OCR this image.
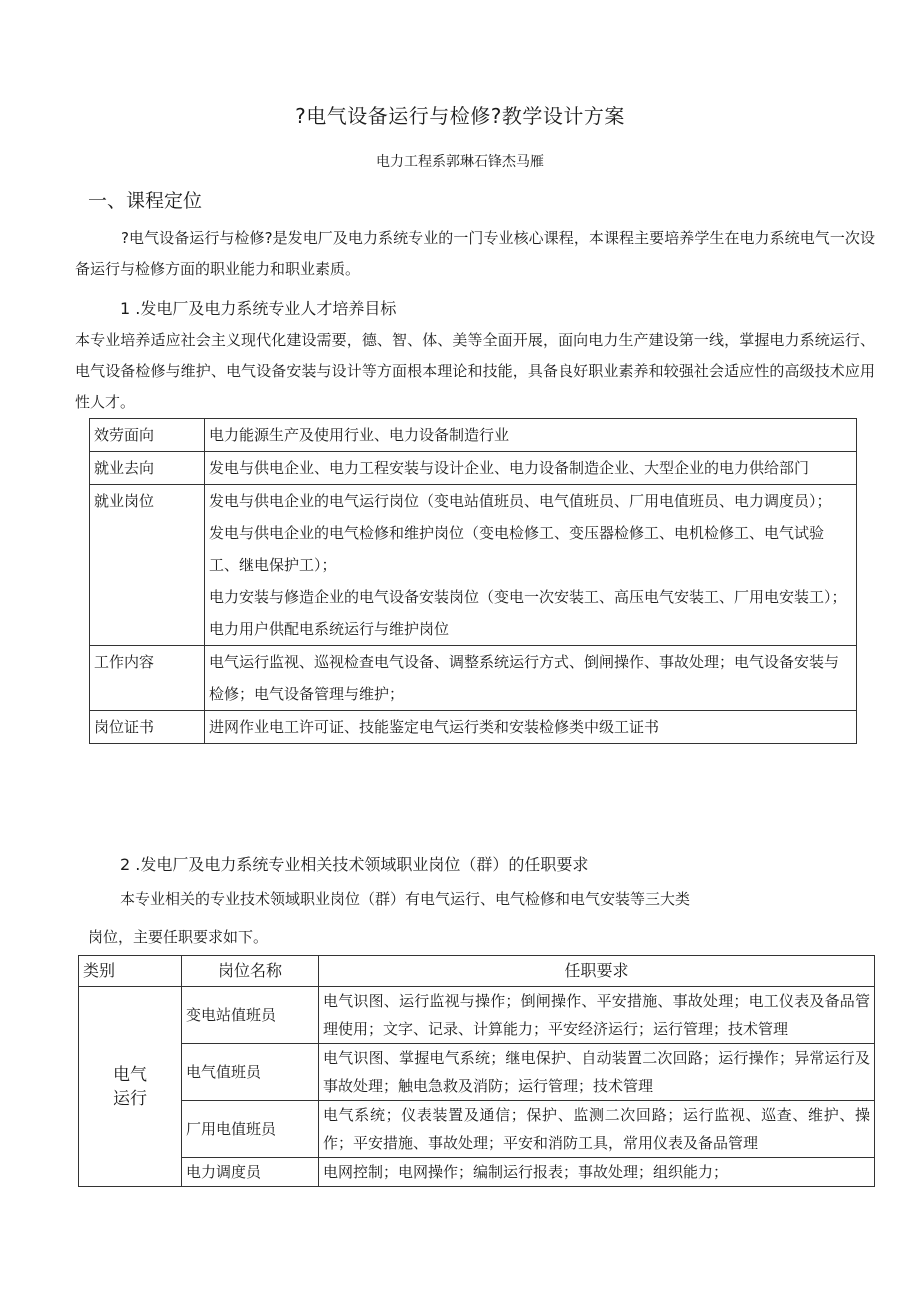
?电气设备运行与检修?教学设计方案
电力工程系郭琳石锋杰马雁
一、课程定位
?电气设备运行与检修?是发电厂及电力系统专业的一门专业核心课程，本课程主要培养学生在电力系统电气一次设备运行与检修方面的职业能力和职业素质。
1 .发电厂及电力系统专业人才培养目标
本专业培养适应社会主义现代化建设需要，德、智、体、美等全面开展，面向电力生产建设第一线，掌握电力系统运行、电气设备检修与维护、电气设备安装与设计等方面根本理论和技能，具备良好职业素养和较强社会适应性的高级技术应用性人才。
效劳面向	电力能源生产及使用行业、电力设备制造行业

就业去向	发电与供电企业、电力工程安装与设计企业、电力设备制造企业、大型企业的电力供给部门

就业岗位	发电与供电企业的电气运行岗位（变电站值班员、电气值班员、厂用电值班员、电力调度员）；

发电与供电企业的电气检修和维护岗位（变电检修工、变压器检修工、电机检修工、电气试验工、继电保护工）；

电力安装与修造企业的电气设备安装岗位（变电一次安装工、高压电气安装工、厂用电安装工）；

电力用户供配电系统运行与维护岗位

工作内容	电气运行监视、巡视检查电气设备、调整系统运行方式、倒闸操作、事故处理；电气设备安装与检修；电气设备管理与维护；

岗位证书	进网作业电工许可证、技能鉴定电气运行类和安装检修类中级工证书

2 .发电厂及电力系统专业相关技术领域职业岗位（群）的任职要求
本专业相关的专业技术领域职业岗位（群）有电气运行、电气检修和电气安装等三大类
岗位，主要任职要求如下。
类别	岗位名称	任职要求
电气运行	变电站值班员	电气识图、运行监视与操作；倒闸操作、平安措施、事故处理；电工仪表及备品管理使用；文字、记录、计算能力；平安经济运行；运行管理；技术管理
	电气值班员	电气识图、掌握电气系统；继电保护、自动装置二次回路；运行操作；异常运行及事故处理；触电急救及消防；运行管理；技术管理
	厂用电值班员	电气系统；仪表装置及通信；保护、监测二次回路；运行监视、巡查、维护、操作；平安措施、事故处理；平安和消防工具，常用仪表及备品管理
	电力调度员	电网控制；电网操作；编制运行报表；事故处理；组织能力；
